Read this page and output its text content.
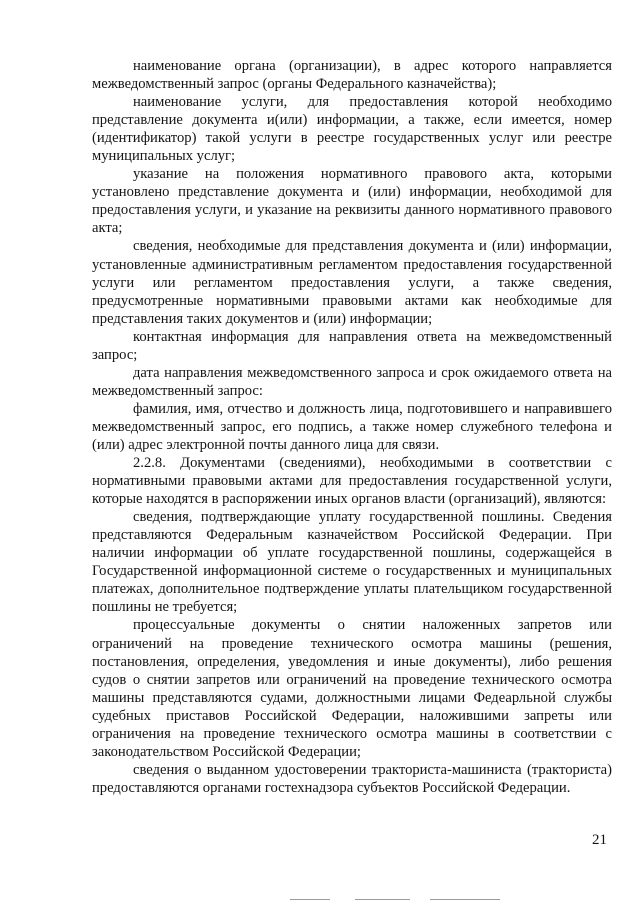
наименование органа (организации), в адрес которого направляется межведомственный запрос (органы Федерального казначейства);

наименование услуги, для предоставления которой необходимо представление документа и(или) информации, а также, если имеется, номер (идентификатор) такой услуги в реестре государственных услуг или реестре муниципальных услуг;

указание на положения нормативного правового акта, которыми установлено представление документа и (или) информации, необходимой для предоставления услуги, и указание на реквизиты данного нормативного правового акта;

сведения, необходимые для представления документа и (или) информации, установленные административным регламентом предоставления государственной услуги или регламентом предоставления услуги, а также сведения, предусмотренные нормативными правовыми актами как необходимые для представления таких документов и (или) информации;

контактная информация для направления ответа на межведомственный запрос;

дата направления межведомственного запроса и срок ожидаемого ответа на межведомственный запрос:

фамилия, имя, отчество и должность лица, подготовившего и направившего межведомственный запрос, его подпись, а также номер служебного телефона и (или) адрес электронной почты данного лица для связи.

2.2.8. Документами (сведениями), необходимыми в соответствии с нормативными правовыми актами для предоставления государственной услуги, которые находятся в распоряжении иных органов власти (организаций), являются:

сведения, подтверждающие уплату государственной пошлины. Сведения представляются Федеральным казначейством Российской Федерации. При наличии информации об уплате государственной пошлины, содержащейся в Государственной информационной системе о государственных и муниципальных платежах, дополнительное подтверждение уплаты плательщиком государственной пошлины не требуется;

процессуальные документы о снятии наложенных запретов или ограничений на проведение технического осмотра машины (решения, постановления, определения, уведомления и иные документы), либо решения судов о снятии запретов или ограничений на проведение технического осмотра машины представляются судами, должностными лицами Федеарльной службы судебных приставов Российской Федерации, наложившими запреты или ограничения на проведение технического осмотра машины в соответствии с законодательством Российской Федерации;

сведения о выданном удостоверении тракториста-машиниста (тракториста) предоставляются органами гостехнадзора субъектов Российской Федерации.

21
